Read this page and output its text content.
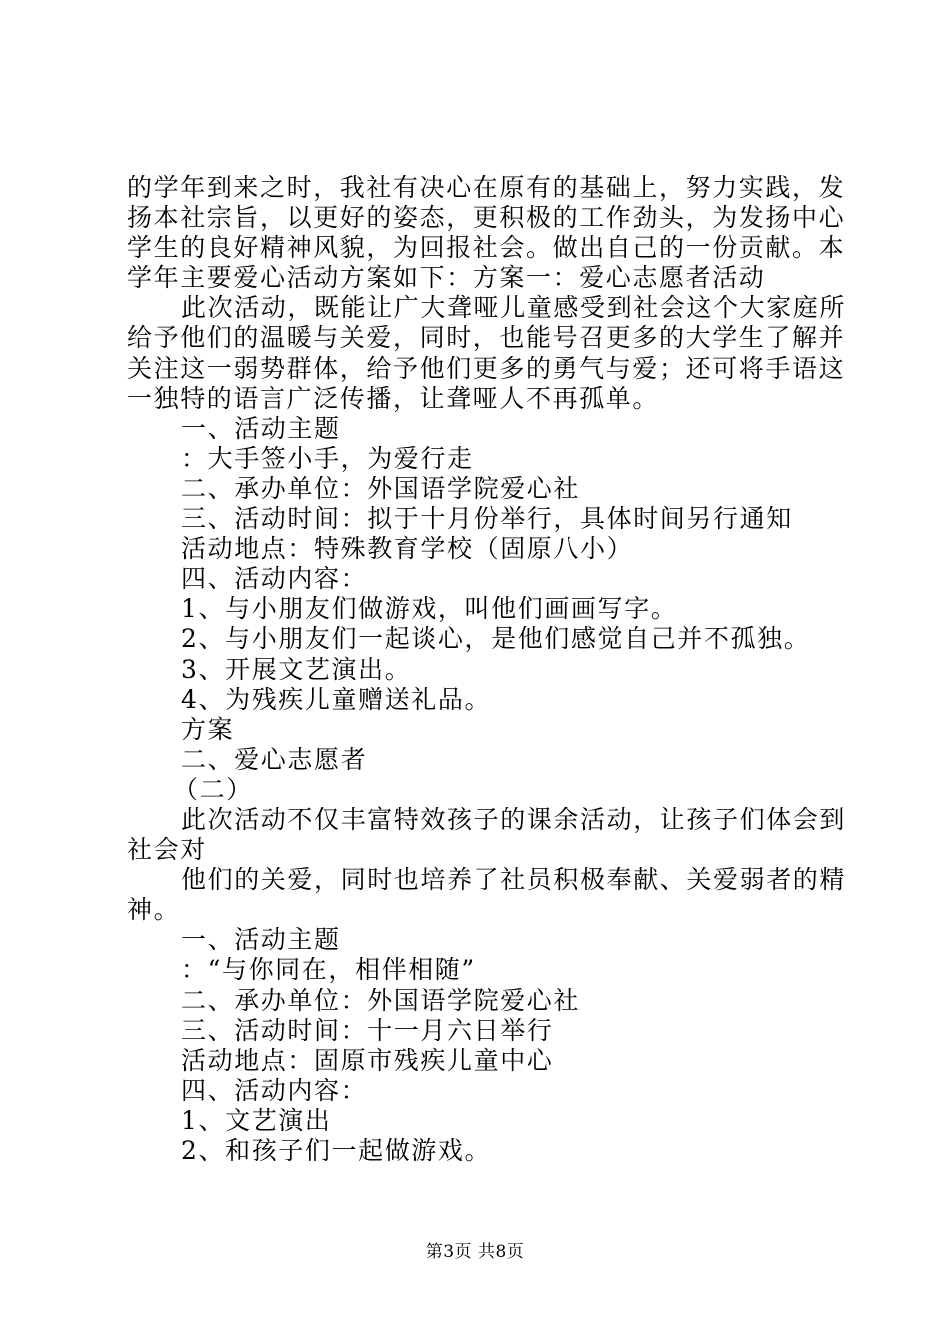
的学年到来之时，我社有决心在原有的基础上，努力实践，发
扬本社宗旨，以更好的姿态，更积极的工作劲头，为发扬中心
学生的良好精神风貌，为回报社会。做出自己的一份贡献。本
学年主要爱心活动方案如下：方案一：爱心志愿者活动
此次活动，既能让广大聋哑儿童感受到社会这个大家庭所
给予他们的温暖与关爱，同时，也能号召更多的大学生了解并
关注这一弱势群体，给予他们更多的勇气与爱；还可将手语这
一独特的语言广泛传播，让聋哑人不再孤单。
一、活动主题
：大手签小手，为爱行走
二、承办单位：外国语学院爱心社
三、活动时间：拟于十月份举行，具体时间另行通知
活动地点：特殊教育学校（固原八小）
四、活动内容：
1、与小朋友们做游戏，叫他们画画写字。
2、与小朋友们一起谈心，是他们感觉自己并不孤独。
3、开展文艺演出。
4、为残疾儿童赠送礼品。
方案
二、爱心志愿者
（二）
此次活动不仅丰富特效孩子的课余活动，让孩子们体会到
社会对
他们的关爱，同时也培养了社员积极奉献、关爱弱者的精
神。
一、活动主题
：“与你同在，相伴相随”
二、承办单位：外国语学院爱心社
三、活动时间：十一月六日举行
活动地点：固原市残疾儿童中心
四、活动内容：
1、文艺演出
2、和孩子们一起做游戏。
第3页 共8页
